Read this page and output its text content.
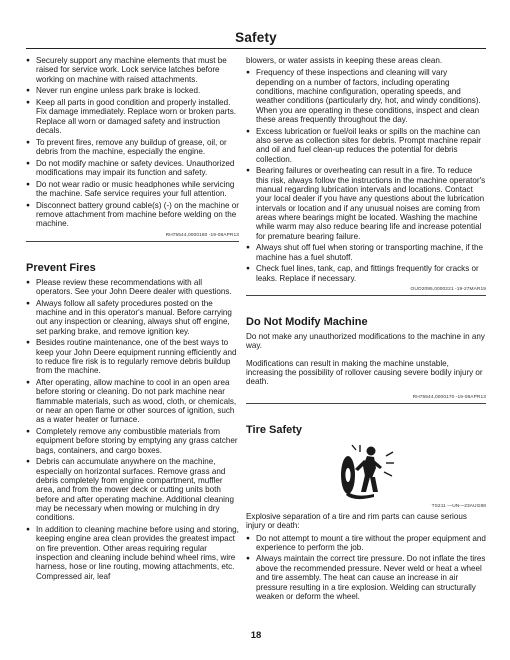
Safety
● Securely support any machine elements that must be raised for service work. Lock service latches before working on machine with raised attachments.
● Never run engine unless park brake is locked.
● Keep all parts in good condition and properly installed. Fix damage immediately. Replace worn or broken parts. Replace all worn or damaged safety and instruction decals.
● To prevent fires, remove any buildup of grease, oil, or debris from the machine, especially the engine.
● Do not modify machine or safety devices. Unauthorized modifications may impair its function and safety.
● Do not wear radio or music headphones while servicing the machine. Safe service requires your full attention.
● Disconnect battery ground cable(s) (-) on the machine or remove attachment from machine before welding on the machine.
RH75544,0000180 -19-08APR13
Prevent Fires
● Please review these recommendations with all operators. See your John Deere dealer with questions.
● Always follow all safety procedures posted on the machine and in this operator's manual. Before carrying out any inspection or cleaning, always shut off engine, set parking brake, and remove ignition key.
● Besides routine maintenance, one of the best ways to keep your John Deere equipment running efficiently and to reduce fire risk is to regularly remove debris buildup from the machine.
● After operating, allow machine to cool in an open area before storing or cleaning. Do not park machine near flammable materials, such as wood, cloth, or chemicals, or near an open flame or other sources of ignition, such as a water heater or furnace.
● Completely remove any combustible materials from equipment before storing by emptying any grass catcher bags, containers, and cargo boxes.
● Debris can accumulate anywhere on the machine, especially on horizontal surfaces. Remove grass and debris completely from engine compartment, muffler area, and from the mower deck or cutting units both before and after operating machine. Additional cleaning may be necessary when mowing or mulching in dry conditions.
● In addition to cleaning machine before using and storing, keeping engine area clean provides the greatest impact on fire prevention. Other areas requiring regular inspection and cleaning include behind wheel rims, wire harness, hose or line routing, mowing attachments, etc. Compressed air, leaf

blowers, or water assists in keeping these areas clean.

● Frequency of these inspections and cleaning will vary depending on a number of factors, including operating conditions, machine configuration, operating speeds, and weather conditions (particularly dry, hot, and windy conditions). When you are operating in these conditions, inspect and clean these areas frequently throughout the day.
● Excess lubrication or fuel/oil leaks or spills on the machine can also serve as collection sites for debris. Prompt machine repair and oil and fuel clean-up reduces the potential for debris collection.
● Bearing failures or overheating can result in a fire. To reduce this risk, always follow the instructions in the machine operator's manual regarding lubrication intervals and locations. Contact your local dealer if you have any questions about the lubrication intervals or location and if any unusual noises are coming from areas where bearings might be located. Washing the machine while warm may also reduce bearing life and increase potential for premature bearing failure.
● Always shut off fuel when storing or transporting machine, if the machine has a fuel shutoff.
● Check fuel lines, tank, cap, and fittings frequently for cracks or leaks. Replace if necessary.
OUO2095,0000221 -19-27MAR19
Do Not Modify Machine

Do not make any unauthorized modifications to the machine in any way.

Modifications can result in making the machine unstable, increasing the possibility of rollover causing severe bodily injury or death.

RH75544,0000170 -19-08APR13
Tire Safety
TS211 —UN—23AUG88

Explosive separation of a tire and rim parts can cause serious injury or death:

● Do not attempt to mount a tire without the proper equipment and experience to perform the job.
● Always maintain the correct tire pressure. Do not inflate the tires above the recommended pressure. Never weld or heat a wheel and tire assembly. The heat can cause an increase in air pressure resulting in a tire explosion. Welding can structurally weaken or deform the wheel.
18
